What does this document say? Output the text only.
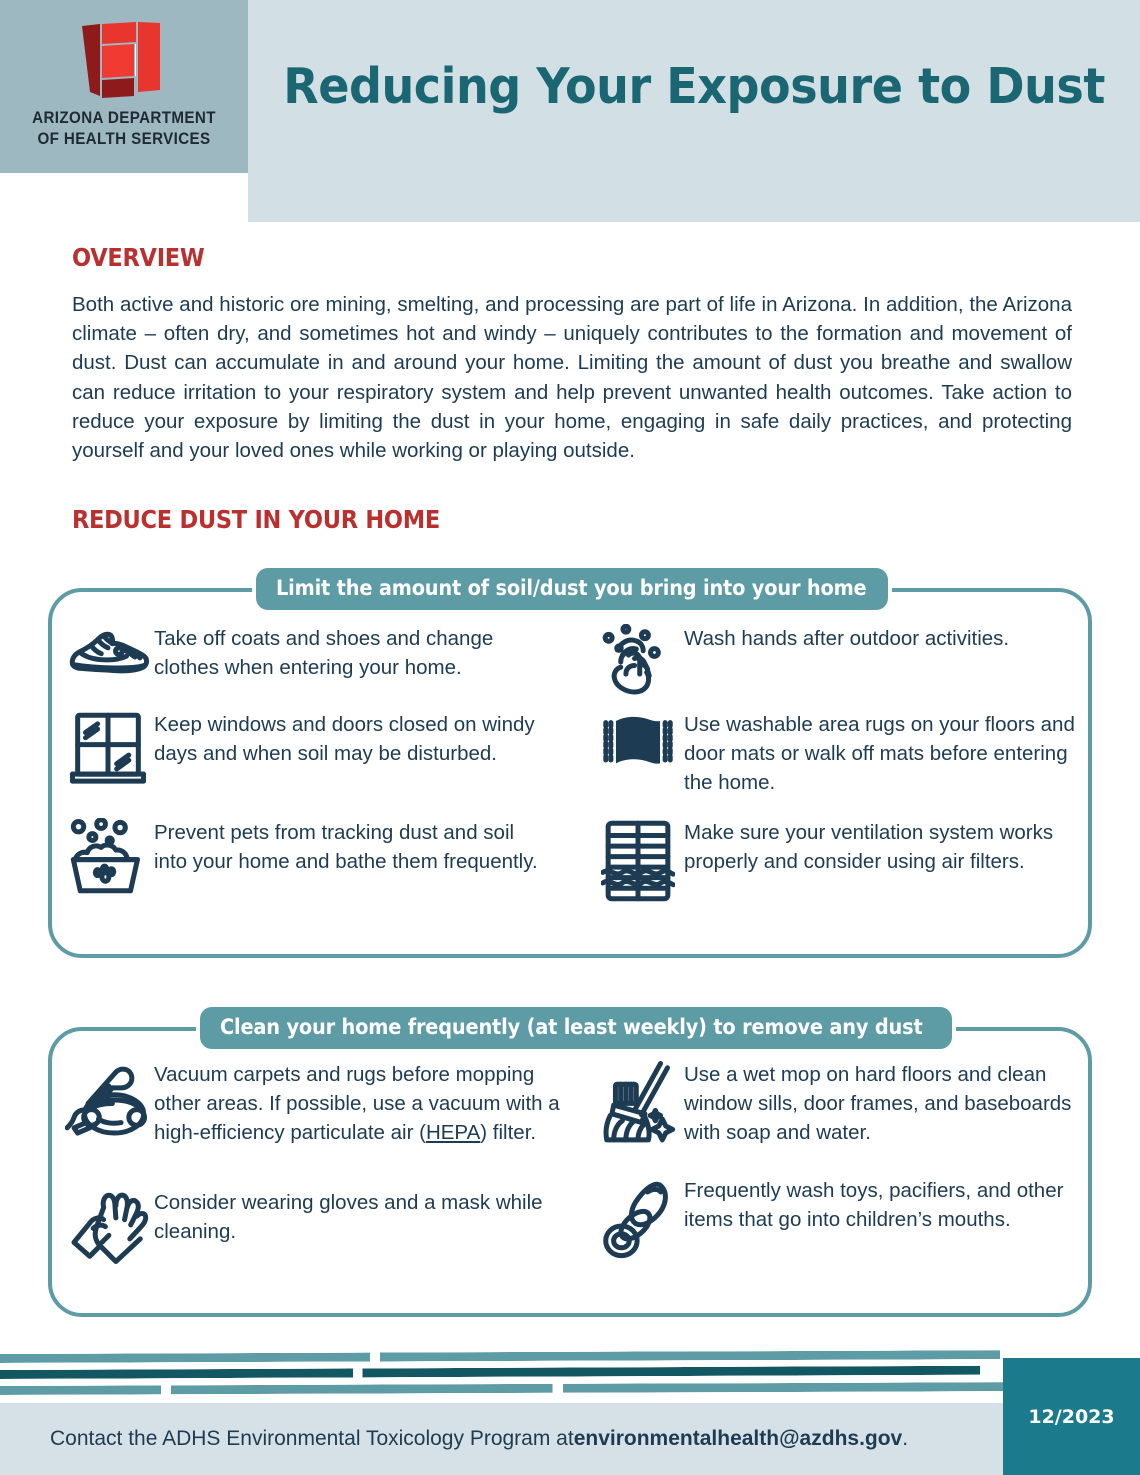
ARIZONA DEPARTMENT
OF HEALTH SERVICES
Reducing Your Exposure to Dust
OVERVIEW
Both active and historic ore mining, smelting, and processing are part of life in Arizona. In addition, the Arizona climate – often dry, and sometimes hot and windy – uniquely contributes to the formation and movement of dust. Dust can accumulate in and around your home. Limiting the amount of dust you breathe and swallow can reduce irritation to your respiratory system and help prevent unwanted health outcomes. Take action to reduce your exposure by limiting the dust in your home, engaging in safe daily practices, and protecting yourself and your loved ones while working or playing outside.
REDUCE DUST IN YOUR HOME
Limit the amount of soil/dust you bring into your home
Take off coats and shoes and change clothes when entering your home.
Keep windows and doors closed on windy days and when soil may be disturbed.
Prevent pets from tracking dust and soil into your home and bathe them frequently.
Wash hands after outdoor activities.
Use washable area rugs on your floors and door mats or walk off mats before entering the home.
Make sure your ventilation system works properly and consider using air filters.
Clean your home frequently (at least weekly) to remove any dust
Vacuum carpets and rugs before mopping other areas. If possible, use a vacuum with a high-efficiency particulate air (HEPA) filter.
Consider wearing gloves and a mask while cleaning.
Use a wet mop on hard floors and clean window sills, door frames, and baseboards with soap and water.
Frequently wash toys, pacifiers, and other items that go into children’s mouths.
Contact the ADHS Environmental Toxicology Program at environmentalhealth@azdhs.gov .
12/2023
